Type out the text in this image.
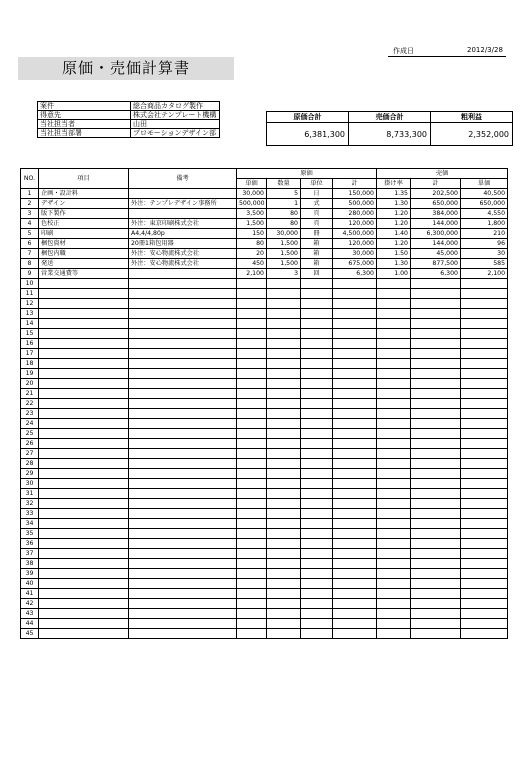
作成日	2012/3/28
原価・売価計算書
案件	総合商品カタログ製作
得意先	株式会社テンプレート機構
当社担当者	山田
当社担当部署	プロモーションデザイン部
原価合計	売価合計	粗利益
6,381,300	8,733,300	2,352,000
NO.	項目	備考	原価				売価		
			単価	数量	単位	計	掛け率	計	単価
1	企画・設計料		30,000	5	日	150,000	1.35	202,500	40,500
2	デザイン	外注：テンプレデザイン事務所	500,000	1	式	500,000	1.30	650,000	650,000
3	版下製作		3,500	80	頁	280,000	1.20	384,000	4,550
4	色校正	外注：東京印刷株式会社	1,500	80	頁	120,000	1.20	144,000	1,800
5	印刷	A4,4/4,80p	150	30,000	冊	4,500,000	1.40	6,300,000	210
6	梱包資材	20冊1箱包用器	80	1,500	箱	120,000	1.20	144,000	96
7	梱包内職	外注：安心物流株式会社	20	1,500	箱	30,000	1.50	45,000	30
8	発送	外注：安心物流株式会社	450	1,500	箱	675,000	1.30	877,500	585
9	営業交通費等		2,100	3	回	6,300	1.00	6,300	2,100
10									
11									
12									
13									
14									
15									
16									
17									
18									
19									
20									
21									
22									
23									
24									
25									
26									
27									
28									
29									
30									
31									
32									
33									
34									
35									
36									
37									
38									
39									
40									
41									
42									
43									
44									
45									
